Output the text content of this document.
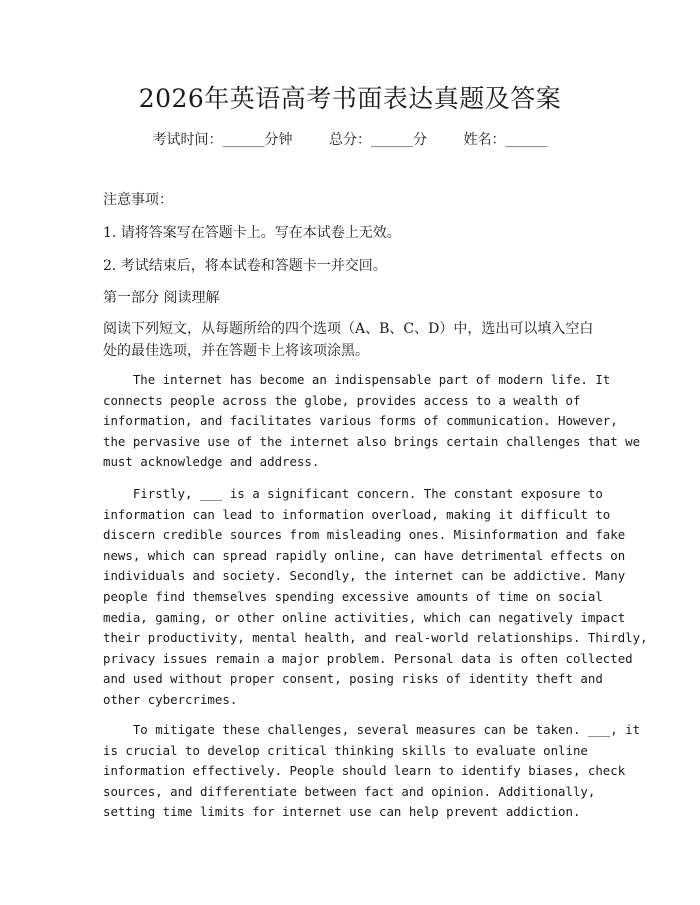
2026年英语高考书面表达真题及答案
考试时间：______分钟	总分：______分	姓名：______
注意事项：
1. 请将答案写在答题卡上。写在本试卷上无效。
2. 考试结束后，将本试卷和答题卡一并交回。
第一部分 阅读理解

阅读下列短文，从每题所给的四个选项（A、B、C、D）中，选出可以填入空白

处的最佳选项，并在答题卡上将该项涂黑。

The internet has become an indispensable part of modern life. It

connects people across the globe, provides access to a wealth of

information, and facilitates various forms of communication. However,

the pervasive use of the internet also brings certain challenges that we

must acknowledge and address.

Firstly, ___ is a significant concern. The constant exposure to

information can lead to information overload, making it difficult to

discern credible sources from misleading ones. Misinformation and fake

news, which can spread rapidly online, can have detrimental effects on

individuals and society. Secondly, the internet can be addictive. Many

people find themselves spending excessive amounts of time on social

media, gaming, or other online activities, which can negatively impact

their productivity, mental health, and real-world relationships. Thirdly,

privacy issues remain a major problem. Personal data is often collected

and used without proper consent, posing risks of identity theft and

other cybercrimes.

To mitigate these challenges, several measures can be taken. ___, it

is crucial to develop critical thinking skills to evaluate online

information effectively. People should learn to identify biases, check

sources, and differentiate between fact and opinion. Additionally,

setting time limits for internet use can help prevent addiction.
